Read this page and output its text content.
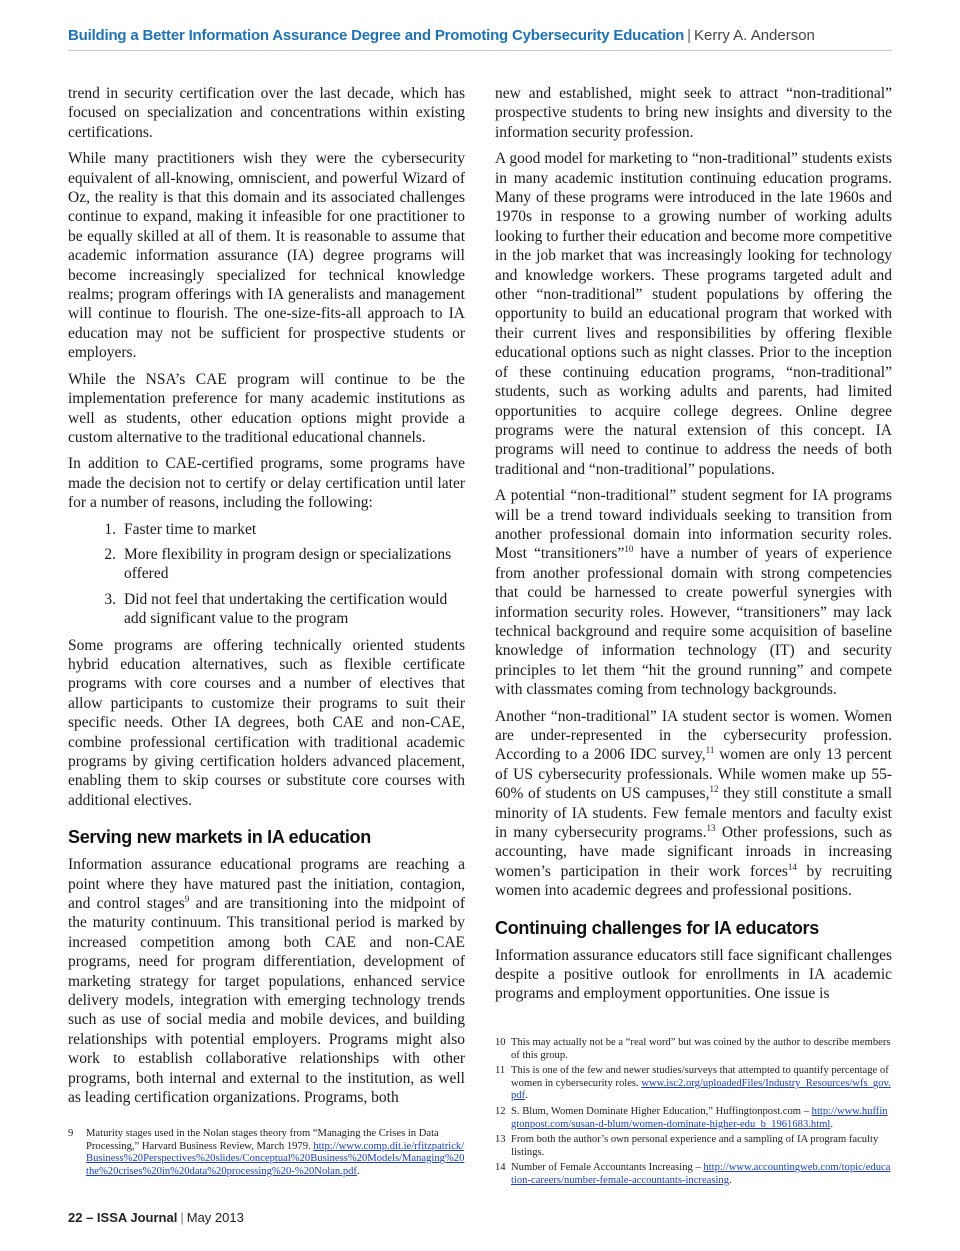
Building a Better Information Assurance Degree and Promoting Cybersecurity Education | Kerry A. Anderson

trend in security certification over the last decade, which has focused on specialization and concentrations within existing certifications.

While many practitioners wish they were the cybersecurity equivalent of all-knowing, omniscient, and powerful Wizard of Oz, the reality is that this domain and its associated challenges continue to expand, making it infeasible for one practitioner to be equally skilled at all of them. It is reasonable to assume that academic information assurance (IA) degree programs will become increasingly specialized for technical knowledge realms; program offerings with IA generalists and management will continue to flourish. The one-size-fits-all approach to IA education may not be sufficient for prospective students or employers.

While the NSA’s CAE program will continue to be the implementation preference for many academic institutions as well as students, other education options might provide a custom alternative to the traditional educational channels.

In addition to CAE-certified programs, some programs have made the decision not to certify or delay certification until later for a number of reasons, including the following:

1. Faster time to market
2. More flexibility in program design or specializations offered
3. Did not feel that undertaking the certification would add significant value to the program

Some programs are offering technically oriented students hybrid education alternatives, such as flexible certificate programs with core courses and a number of electives that allow participants to customize their programs to suit their specific needs. Other IA degrees, both CAE and non-CAE, combine professional certification with traditional academic programs by giving certification holders advanced placement, enabling them to skip courses or substitute core courses with additional electives.

Serving new markets in IA education

Information assurance educational programs are reaching a point where they have matured past the initiation, contagion, and control stages$^9$ and are transitioning into the midpoint of the maturity continuum. This transitional period is marked by increased competition among both CAE and non-CAE programs, need for program differentiation, development of marketing strategy for target populations, enhanced service delivery models, integration with emerging technology trends such as use of social media and mobile devices, and building relationships with potential employers. Programs might also work to establish collaborative relationships with other programs, both internal and external to the institution, as well as leading certification organizations. Programs, both

new and established, might seek to attract “non-traditional” prospective students to bring new insights and diversity to the information security profession.

A good model for marketing to “non-traditional” students exists in many academic institution continuing education programs. Many of these programs were introduced in the late 1960s and 1970s in response to a growing number of working adults looking to further their education and become more competitive in the job market that was increasingly looking for technology and knowledge workers. These programs targeted adult and other “non-traditional” student populations by offering the opportunity to build an educational program that worked with their current lives and responsibilities by offering flexible educational options such as night classes. Prior to the inception of these continuing education programs, “non-traditional” students, such as working adults and parents, had limited opportunities to acquire college degrees. Online degree programs were the natural extension of this concept. IA programs will need to continue to address the needs of both traditional and “non-traditional” populations.

A potential “non-traditional” student segment for IA programs will be a trend toward individuals seeking to transition from another professional domain into information security roles. Most “transitioners”$^{10}$ have a number of years of experience from another professional domain with strong competencies that could be harnessed to create powerful synergies with information security roles. However, “transitioners” may lack technical background and require some acquisition of baseline knowledge of information technology (IT) and security principles to let them “hit the ground running” and compete with classmates coming from technology backgrounds.

Another “non-traditional” IA student sector is women. Women are under-represented in the cybersecurity profession. According to a 2006 IDC survey,$^{11}$ women are only 13 percent of US cybersecurity professionals. While women make up 55-60% of students on US campuses,$^{12}$ they still constitute a small minority of IA students. Few female mentors and faculty exist in many cybersecurity programs.$^{13}$ Other professions, such as accounting, have made significant inroads in increasing women’s participation in their work forces$^{14}$ by recruiting women into academic degrees and professional positions.

Continuing challenges for IA educators

Information assurance educators still face significant challenges despite a positive outlook for enrollments in IA academic programs and employment opportunities. One issue is

10 This may actually not be a “real word” but was coined by the author to describe members of this group.
11 This is one of the few and newer studies/surveys that attempted to quantify percentage of women in cybersecurity roles. www.isc2.org/uploadedFiles/Industry_Resources/wfs_gov.pdf.
12 S. Blum, Women Dominate Higher Education,” Huffingtonpost.com – http://www.huffingtonpost.com/susan-d-blum/women-dominate-higher-edu_b_1961683.html.
13 From both the author’s own personal experience and a sampling of IA program faculty listings.
14 Number of Female Accountants Increasing – http://www.accountingweb.com/topic/education-careers/number-female-accountants-increasing.
9	Maturity stages used in the Nolan stages theory from “Managing the Crises in Data Processing,” Harvard Business Review, March 1979. http://www.comp.dit.ie/rfitzpatrick/Business%20Perspectives%20slides/Conceptual%20Business%20Models/Managing%20the%20crises%20in%20data%20processing%20-%20Nolan.pdf.
22 – ISSA Journal | May 2013
